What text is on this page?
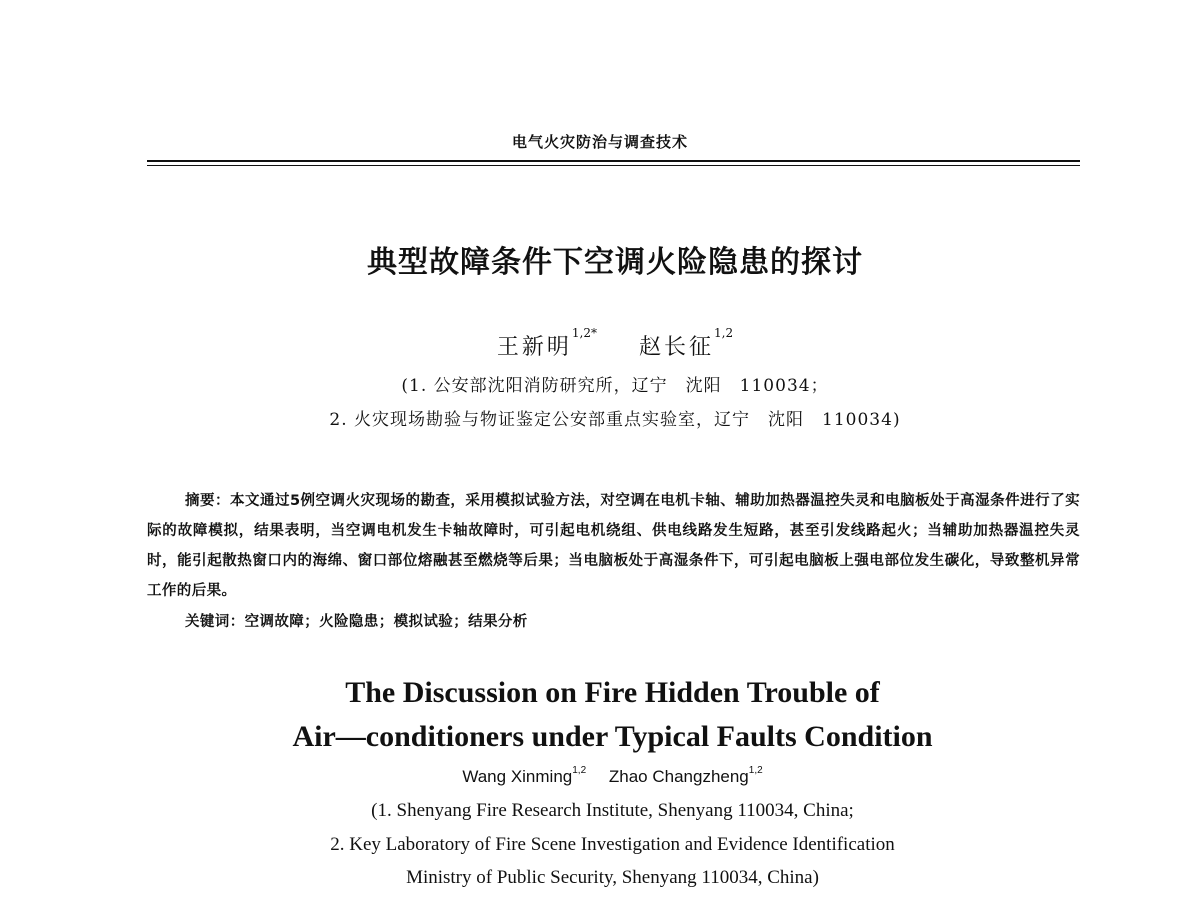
电气火灾防治与调查技术
典型故障条件下空调火险隐患的探讨
王新明$^{1,2*}$ 赵长征$^{1,2}$
(1. 公安部沈阳消防研究所，辽宁　沈阳　110034；
2. 火灾现场勘验与物证鉴定公安部重点实验室，辽宁　沈阳　110034)
摘要：本文通过5例空调火灾现场的勘查，采用模拟试验方法，对空调在电机卡轴、辅助加热器温控失灵和电脑板处于高湿条件进行了实际的故障模拟，结果表明，当空调电机发生卡轴故障时，可引起电机绕组、供电线路发生短路，甚至引发线路起火；当辅助加热器温控失灵时，能引起散热窗口内的海绵、窗口部位熔融甚至燃烧等后果；当电脑板处于高湿条件下，可引起电脑板上强电部位发生碳化，导致整机异常工作的后果。
关键词：空调故障；火险隐患；模拟试验；结果分析
The Discussion on Fire Hidden Trouble of
Air—conditioners under Typical Faults Condition
Wang Xinming$^{1,2}$ Zhao Changzheng$^{1,2}$
(1. Shenyang Fire Research Institute, Shenyang 110034, China;
2. Key Laboratory of Fire Scene Investigation and Evidence Identification
Ministry of Public Security, Shenyang 110034, China)
